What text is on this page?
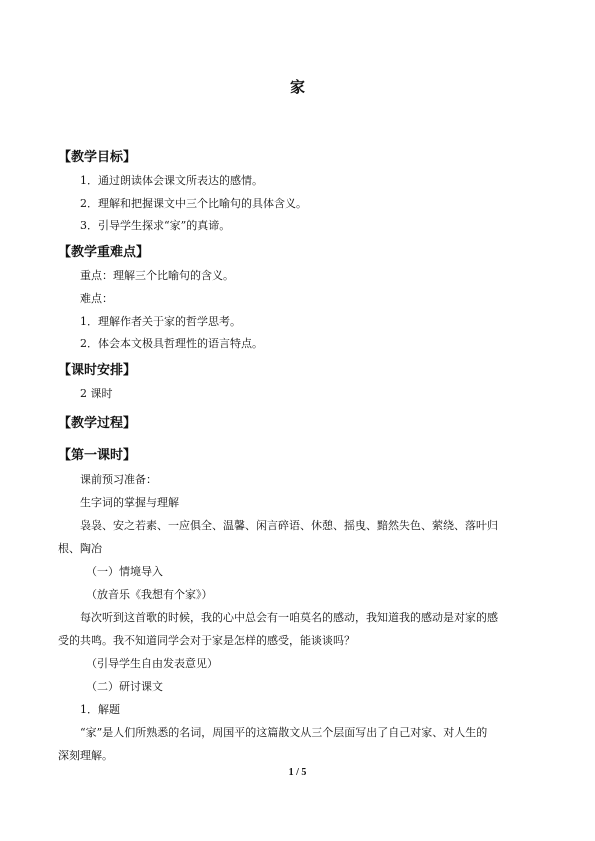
家
【教学目标】
1．通过朗读体会课文所表达的感情。
2．理解和把握课文中三个比喻句的具体含义。
3．引导学生探求“家”的真谛。
【教学重难点】
重点：理解三个比喻句的含义。
难点：
1．理解作者关于家的哲学思考。
2．体会本文极具哲理性的语言特点。
【课时安排】
2 课时
【教学过程】
【第一课时】
课前预习准备：
生字词的掌握与理解
袅袅、安之若素、一应俱全、温馨、闲言碎语、休憩、摇曳、黯然失色、萦绕、落叶归
根、陶冶
（一）情境导入
（放音乐《我想有个家》）
每次听到这首歌的时候，我的心中总会有一咱莫名的感动，我知道我的感动是对家的感
受的共鸣。我不知道同学会对于家是怎样的感受，能谈谈吗？
（引导学生自由发表意见）
（二）研讨课文
1．解题
“家”是人们所熟悉的名词，周国平的这篇散文从三个层面写出了自己对家、对人生的
深刻理解。
1 / 5
